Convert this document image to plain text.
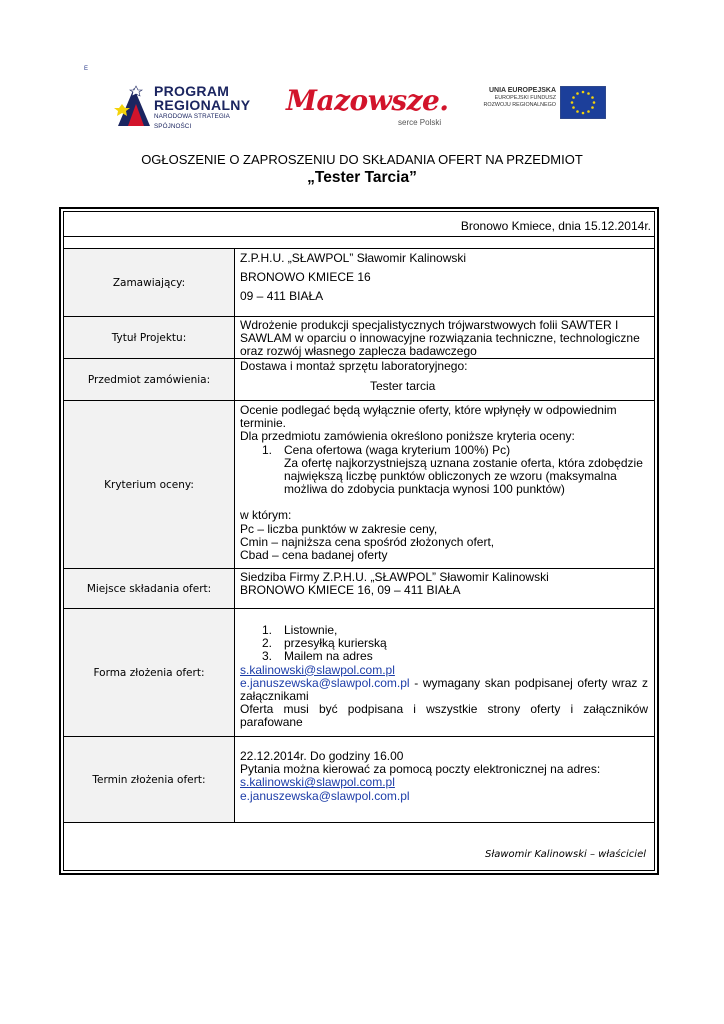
E
PROGRAM
REGIONALNY
NARODOWA STRATEGIA SPÓJNOŚCI
Mazowsze.
serce Polski
UNIA EUROPEJSKA
EUROPEJSKI FUNDUSZ
ROZWOJU REGIONALNEGO
OGŁOSZENIE O ZAPROSZENIU DO SKŁADANIA OFERT NA PRZEDMIOT
„Tester Tarcia”
Bronowo Kmiece, dnia 15.12.2014r.
Zamawiający:
Z.P.H.U. „SŁAWPOL” Sławomir Kalinowski
BRONOWO KMIECE 16
09 – 411 BIAŁA
Tytuł Projektu:
Wdrożenie produkcji specjalistycznych trójwarstwowych folii SAWTER I SAWLAM w oparciu o innowacyjne rozwiązania techniczne, technologiczne oraz rozwój własnego zaplecza badawczego
Przedmiot zamówienia:
Dostawa i montaż sprzętu laboratoryjnego:
Tester tarcia
Kryterium oceny:
Ocenie podlegać będą wyłącznie oferty, które wpłynęły w odpowiednim terminie.
Dla przedmiotu zamówienia określono poniższe kryteria oceny:
1. Cena ofertowa (waga kryterium 100%) Pc)
Za ofertę najkorzystniejszą uznana zostanie oferta, która zdobędzie największą liczbę punktów obliczonych ze wzoru (maksymalna możliwa do zdobycia punktacja wynosi 100 punktów)
w którym:
Pc – liczba punktów w zakresie ceny,
Cmin – najniższa cena spośród złożonych ofert,
Cbad – cena badanej oferty
Miejsce składania ofert:
Siedziba Firmy Z.P.H.U. „SŁAWPOL” Sławomir Kalinowski
BRONOWO KMIECE 16, 09 – 411 BIAŁA
Forma złożenia ofert:
1. Listownie,
2. przesyłką kurierską
3. Mailem na adres
s.kalinowski@slawpol.com.pl
e.januszewska@slawpol.com.pl - wymagany skan podpisanej oferty wraz z załącznikami
Oferta musi być podpisana i wszystkie strony oferty i załączników parafowane
Termin złożenia ofert:
22.12.2014r. Do godziny 16.00
Pytania można kierować za pomocą poczty elektronicznej na adres:
s.kalinowski@slawpol.com.pl
e.januszewska@slawpol.com.pl
Sławomir Kalinowski – właściciel
